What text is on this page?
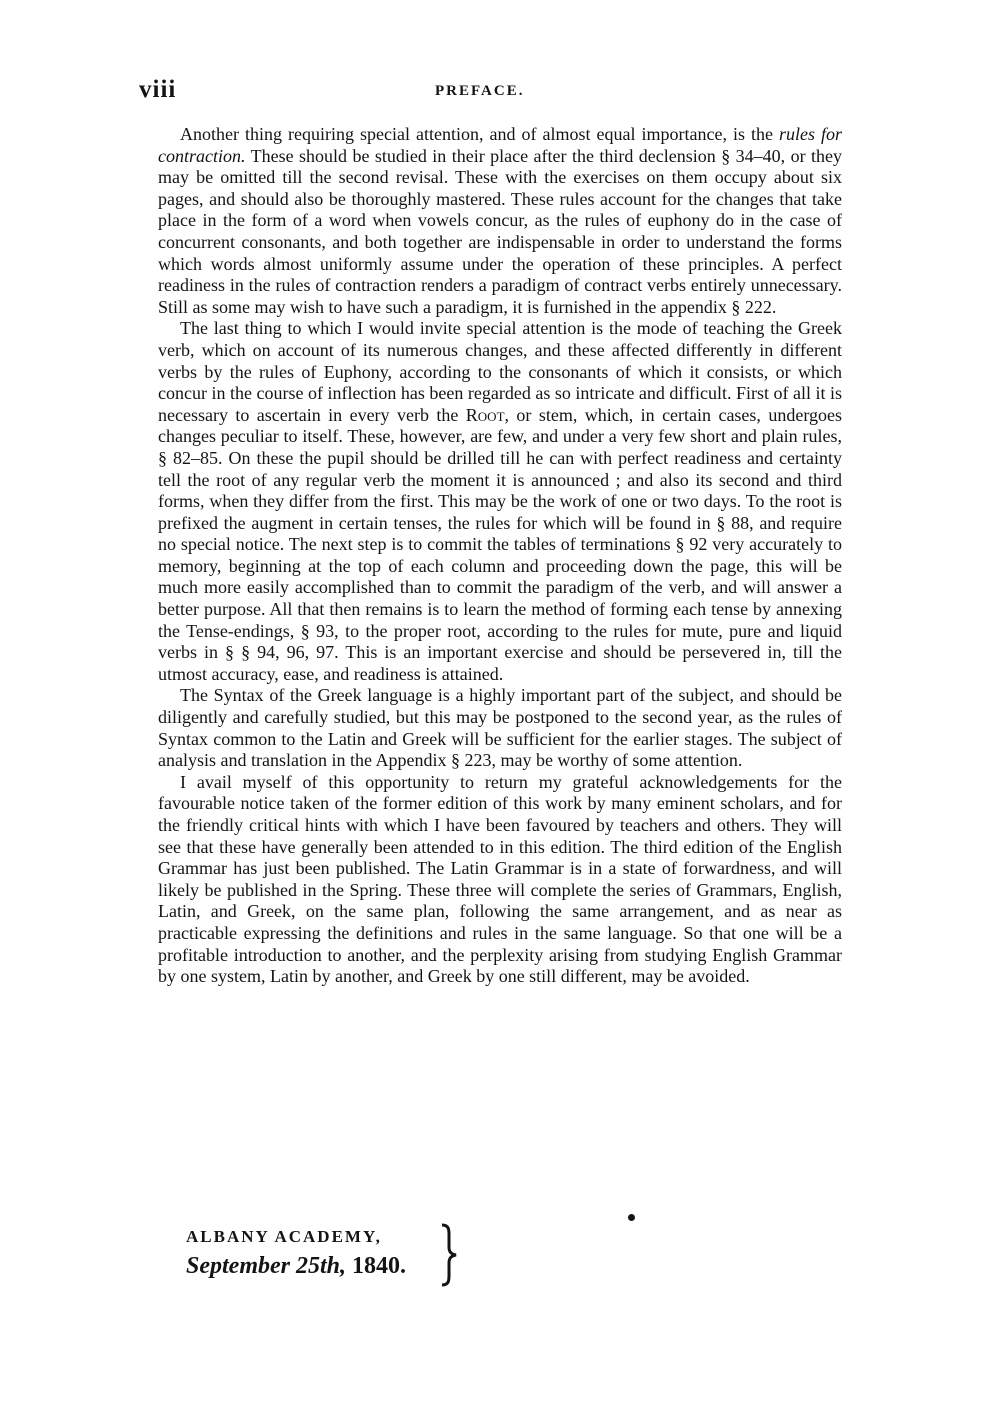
viii	PREFACE.

Another thing requiring special attention, and of almost equal importance, is the rules for contraction. These should be studied in their place after the third declension § 34–40, or they may be omitted till the second revisal. These with the exercises on them occupy about six pages, and should also be thoroughly mastered. These rules account for the changes that take place in the form of a word when vowels concur, as the rules of euphony do in the case of concurrent consonants, and both together are indispensable in order to understand the forms which words almost uniformly assume under the operation of these principles. A perfect readiness in the rules of contraction renders a paradigm of contract verbs entirely unnecessary. Still as some may wish to have such a paradigm, it is furnished in the appendix § 222.

The last thing to which I would invite special attention is the mode of teaching the Greek verb, which on account of its numerous changes, and these affected differently in different verbs by the rules of Euphony, according to the consonants of which it consists, or which concur in the course of inflection has been regarded as so intricate and difficult. First of all it is necessary to ascertain in every verb the Root, or stem, which, in certain cases, undergoes changes peculiar to itself. These, however, are few, and under a very few short and plain rules, § 82–85. On these the pupil should be drilled till he can with perfect readiness and certainty tell the root of any regular verb the moment it is announced ; and also its second and third forms, when they differ from the first. This may be the work of one or two days. To the root is prefixed the augment in certain tenses, the rules for which will be found in § 88, and require no special notice. The next step is to commit the tables of terminations § 92 very accurately to memory, beginning at the top of each column and proceeding down the page, this will be much more easily accomplished than to commit the paradigm of the verb, and will answer a better purpose. All that then remains is to learn the method of forming each tense by annexing the Tense-endings, § 93, to the proper root, according to the rules for mute, pure and liquid verbs in § § 94, 96, 97. This is an important exercise and should be persevered in, till the utmost accuracy, ease, and readiness is attained.

The Syntax of the Greek language is a highly important part of the subject, and should be diligently and carefully studied, but this may be postponed to the second year, as the rules of Syntax common to the Latin and Greek will be sufficient for the earlier stages. The subject of analysis and translation in the Appendix § 223, may be worthy of some attention.

I avail myself of this opportunity to return my grateful acknowledgements for the favourable notice taken of the former edition of this work by many eminent scholars, and for the friendly critical hints with which I have been favoured by teachers and others. They will see that these have generally been attended to in this edition. The third edition of the English Grammar has just been published. The Latin Grammar is in a state of forwardness, and will likely be published in the Spring. These three will complete the series of Grammars, English, Latin, and Greek, on the same plan, following the same arrangement, and as near as practicable expressing the definitions and rules in the same language. So that one will be a profitable introduction to another, and the perplexity arising from studying English Grammar by one system, Latin by another, and Greek by one still different, may be avoided.

ALBANY ACADEMY,
September 25th, 1840.
